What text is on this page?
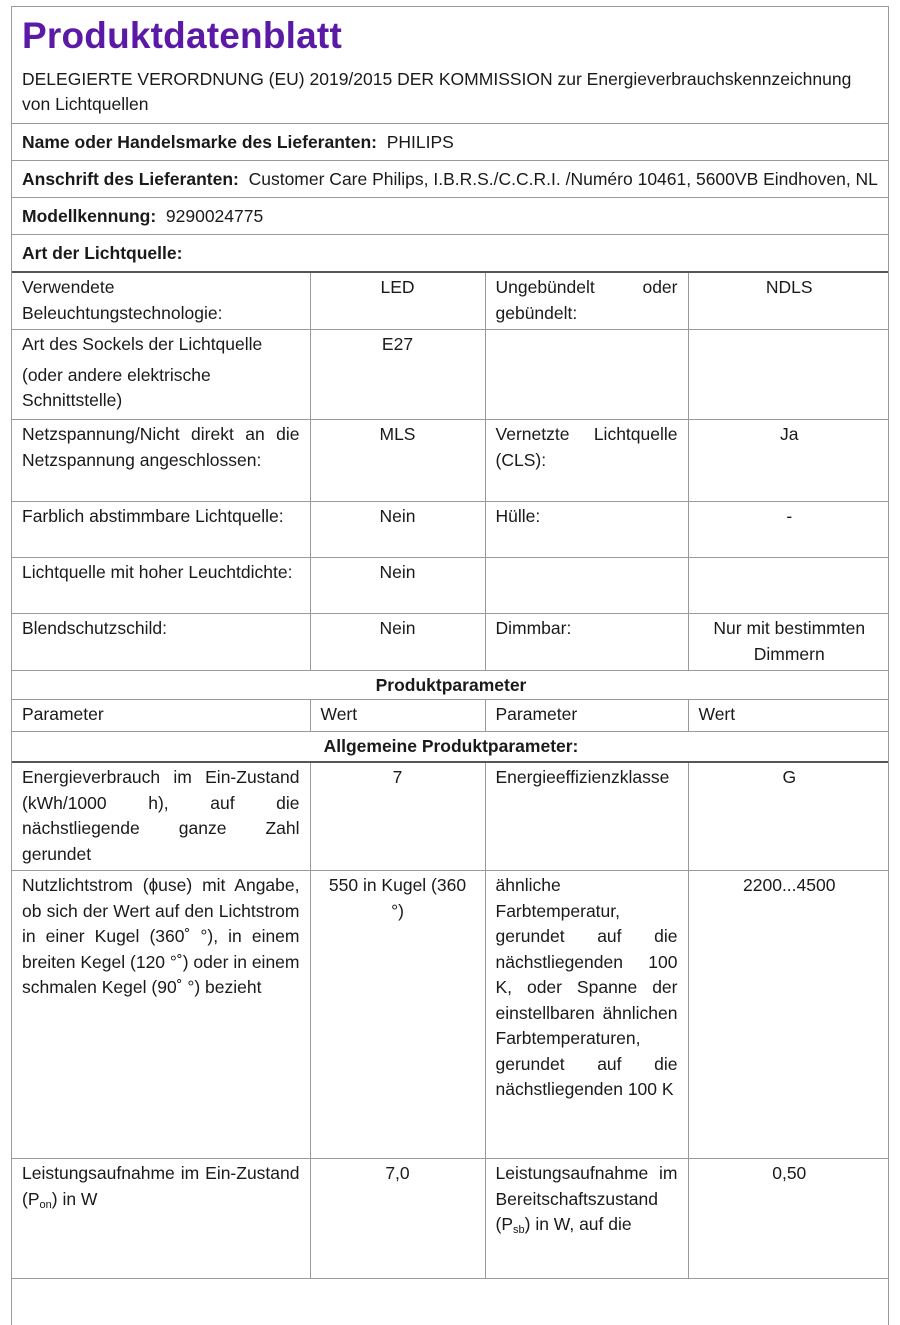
Produktdatenblatt
DELEGIERTE VERORDNUNG (EU) 2019/2015 DER KOMMISSION zur Energieverbrauchskennzeichnung von Lichtquellen
Name oder Handelsmarke des Lieferanten: PHILIPS
Anschrift des Lieferanten: Customer Care Philips, I.B.R.S./C.C.R.I. /Numéro 10461, 5600VB Eindhoven, NL
Modellkennung: 9290024775
Art der Lichtquelle:
Verwendete Beleuchtungstechnologie:	LED	Ungebündelt oder gebündelt:	NDLS

Art des Sockels der Lichtquelle
(oder andere elektrische Schnittstelle)	E27		
Netzspannung/Nicht direkt an die Netzspannung angeschlossen:	MLS	Vernetzte Lichtquelle (CLS):	Ja
Farblich abstimmbare Lichtquelle:	Nein	Hülle:	-
Lichtquelle mit hoher Leuchtdichte:	Nein		
Blendschutzschild:	Nein	Dimmbar:	Nur mit bestimmten Dimmern
Produktparameter			
Parameter	Wert	Parameter	Wert
Allgemeine Produktparameter:			
Energieverbrauch im Ein-Zustand (kWh/1000 h), auf die nächstliegende ganze Zahl gerundet	7	Energieeffizienzklasse	G
Nutzlichtstrom (ɸuse) mit Angabe, ob sich der Wert auf den Lichtstrom in einer Kugel (360˚ °), in einem breiten Kegel (120 °˚) oder in einem schmalen Kegel (90˚ °) bezieht	550 in Kugel (360 °)	ähnliche Farbtemperatur, gerundet auf die nächstliegenden 100 K, oder Spanne der einstellbaren ähnlichen Farbtemperaturen, gerundet auf die nächstliegenden 100 K	2200...4500
Leistungsaufnahme im Ein-Zustand $(P_{on})$ in W	7,0	Leistungsaufnahme im Bereitschaftszustand $(P_{sb})$ in W, auf die	0,50
